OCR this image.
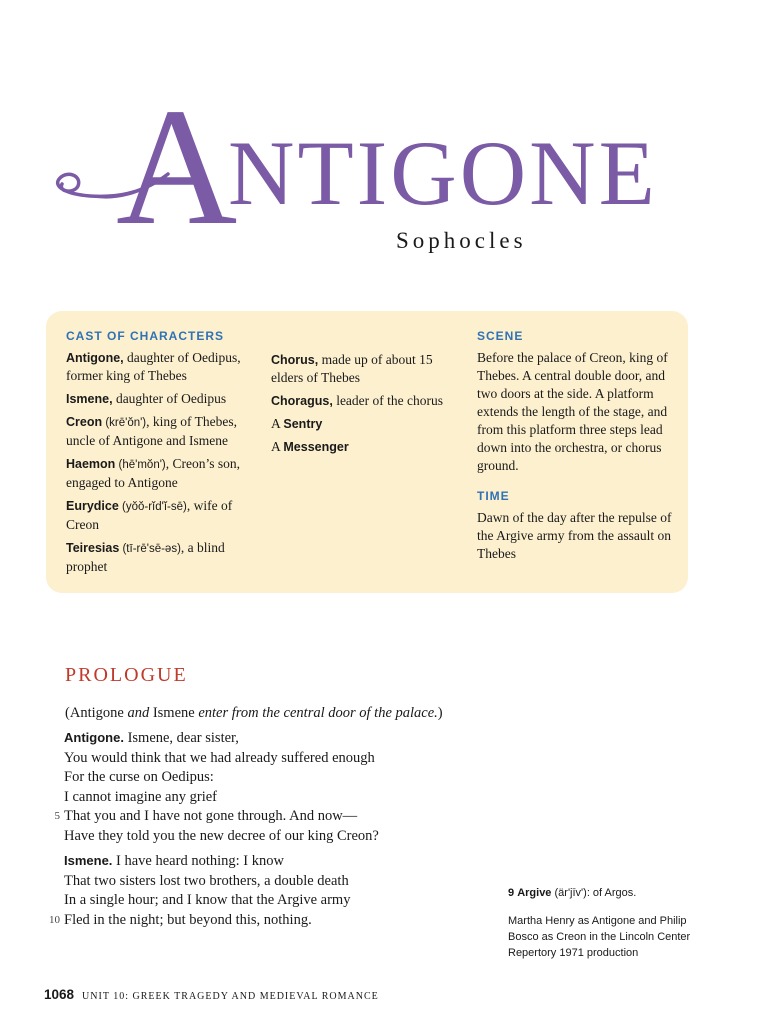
A
NTIGONE
Sophocles
CAST OF CHARACTERS
Antigone, daughter of Oedipus, former king of Thebes
Ismene, daughter of Oedipus
Creon (krē'ŏn'), king of Thebes, uncle of Antigone and Ismene
Haemon (hē'mŏn'), Creon’s son, engaged to Antigone
Eurydice (yŏŏ-rĭd'ĭ-sē), wife of Creon
Teiresias (tī-rē'sē-əs), a blind prophet
Chorus, made up of about 15 elders of Thebes
Choragus, leader of the chorus
A Sentry
A Messenger
SCENE
Before the palace of Creon, king of Thebes. A central double door, and two doors at the side. A platform extends the length of the stage, and from this platform three steps lead down into the orchestra, or chorus ground.
TIME
Dawn of the day after the repulse of the Argive army from the assault on Thebes
PROLOGUE
(Antigone and Ismene enter from the central door of the palace.)
Antigone. Ismene, dear sister,
You would think that we had already suffered enough
For the curse on Oedipus:
I cannot imagine any grief
5 That you and I have not gone through. And now—
Have they told you the new decree of our king Creon?
Ismene. I have heard nothing: I know
That two sisters lost two brothers, a double death
In a single hour; and I know that the Argive army
10 Fled in the night; but beyond this, nothing.
9 Argive (är'jīv'): of Argos.
Martha Henry as Antigone and Philip Bosco as Creon in the Lincoln Center Repertory 1971 production
1068 UNIT 10: GREEK TRAGEDY AND MEDIEVAL ROMANCE
